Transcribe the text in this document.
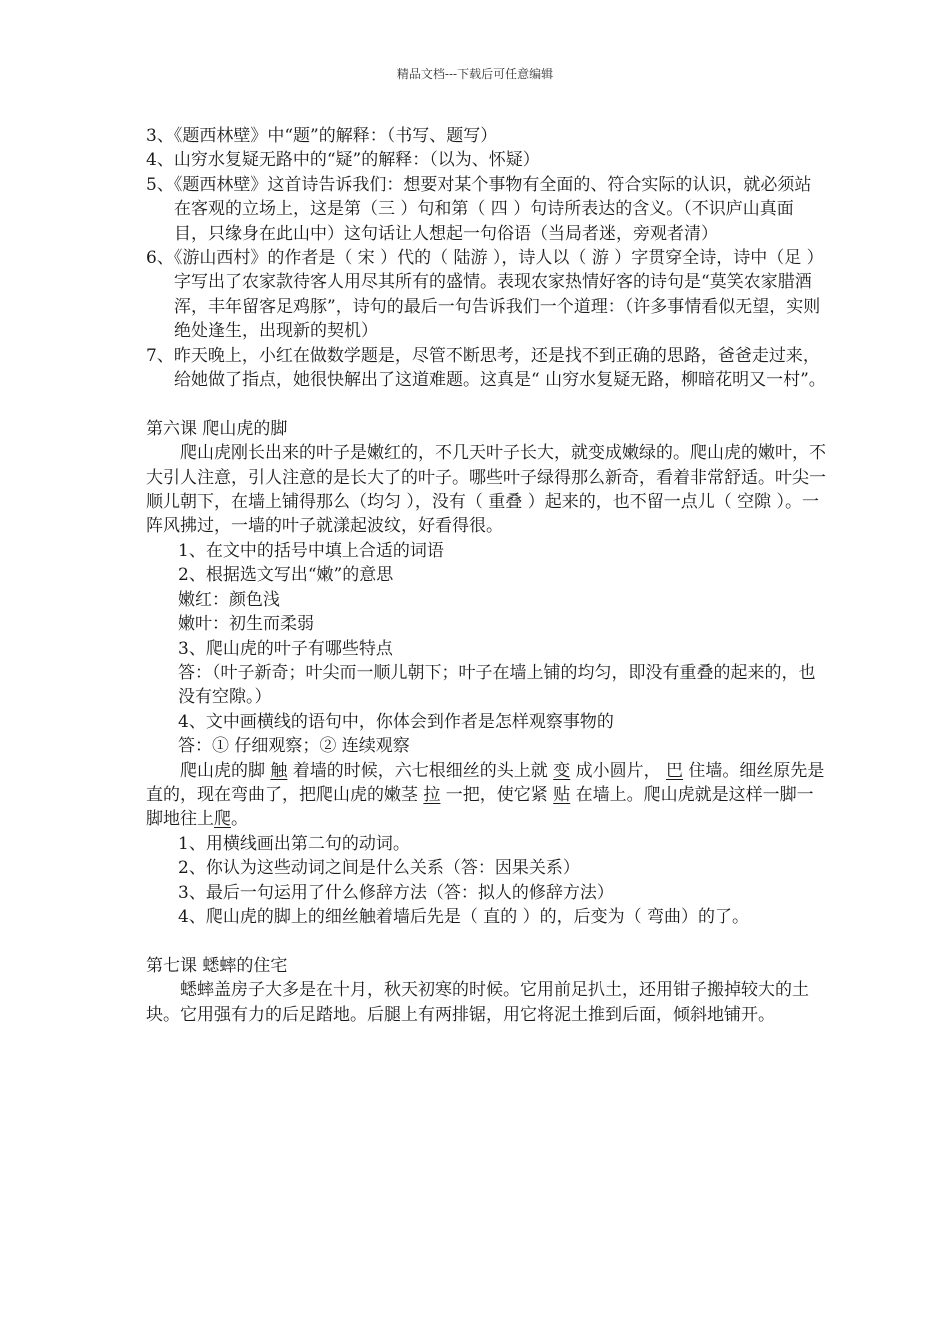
精品文档---下载后可任意编辑
3、《题西林壁》中“题”的解释：（书写、题写）
4、山穷水复疑无路中的“疑”的解释：（以为、怀疑）
5、《题西林壁》这首诗告诉我们：想要对某个事物有全面的、符合实际的认识，就必须站在客观的立场上，这是第（三 ）句和第（ 四 ）句诗所表达的含义。（不识庐山真面目，只缘身在此山中）这句话让人想起一句俗语（当局者迷，旁观者清）
6、《游山西村》的作者是（ 宋 ）代的（ 陆游 ），诗人以（ 游 ）字贯穿全诗，诗中（足 ）字写出了农家款待客人用尽其所有的盛情。表现农家热情好客的诗句是“莫笑农家腊酒浑，丰年留客足鸡豚”，诗句的最后一句告诉我们一个道理：（许多事情看似无望，实则绝处逢生，出现新的契机）
7、昨天晚上，小红在做数学题是，尽管不断思考，还是找不到正确的思路，爸爸走过来，给她做了指点，她很快解出了这道难题。这真是“ 山穷水复疑无路，柳暗花明又一村”。
第六课 爬山虎的脚
爬山虎刚长出来的叶子是嫩红的，不几天叶子长大，就变成嫩绿的。爬山虎的嫩叶，不大引人注意，引人注意的是长大了的叶子。哪些叶子绿得那么新奇，看着非常舒适。叶尖一顺儿朝下，在墙上铺得那么（均匀 ），没有（ 重叠 ）起来的，也不留一点儿（ 空隙 ）。一阵风拂过，一墙的叶子就漾起波纹，好看得很。
1、在文中的括号中填上合适的词语
2、根据选文写出“嫩”的意思
嫩红：颜色浅
嫩叶：初生而柔弱
3、爬山虎的叶子有哪些特点
答：（叶子新奇；叶尖而一顺儿朝下；叶子在墙上铺的均匀，即没有重叠的起来的，也没有空隙。）
4、文中画横线的语句中，你体会到作者是怎样观察事物的
答：① 仔细观察；② 连续观察
爬山虎的脚 触 着墙的时候，六七根细丝的头上就 变 成小圆片， 巴 住墙。细丝原先是直的，现在弯曲了，把爬山虎的嫩茎 拉 一把，使它紧 贴 在墙上。爬山虎就是这样一脚一脚地往上爬。
1、用横线画出第二句的动词。
2、你认为这些动词之间是什么关系（答：因果关系）
3、最后一句运用了什么修辞方法（答：拟人的修辞方法）
4、爬山虎的脚上的细丝触着墙后先是（ 直的 ）的，后变为（ 弯曲）的了。
第七课 蟋蟀的住宅
蟋蟀盖房子大多是在十月，秋天初寒的时候。它用前足扒土，还用钳子搬掉较大的土块。它用强有力的后足踏地。后腿上有两排锯，用它将泥土推到后面，倾斜地铺开。
